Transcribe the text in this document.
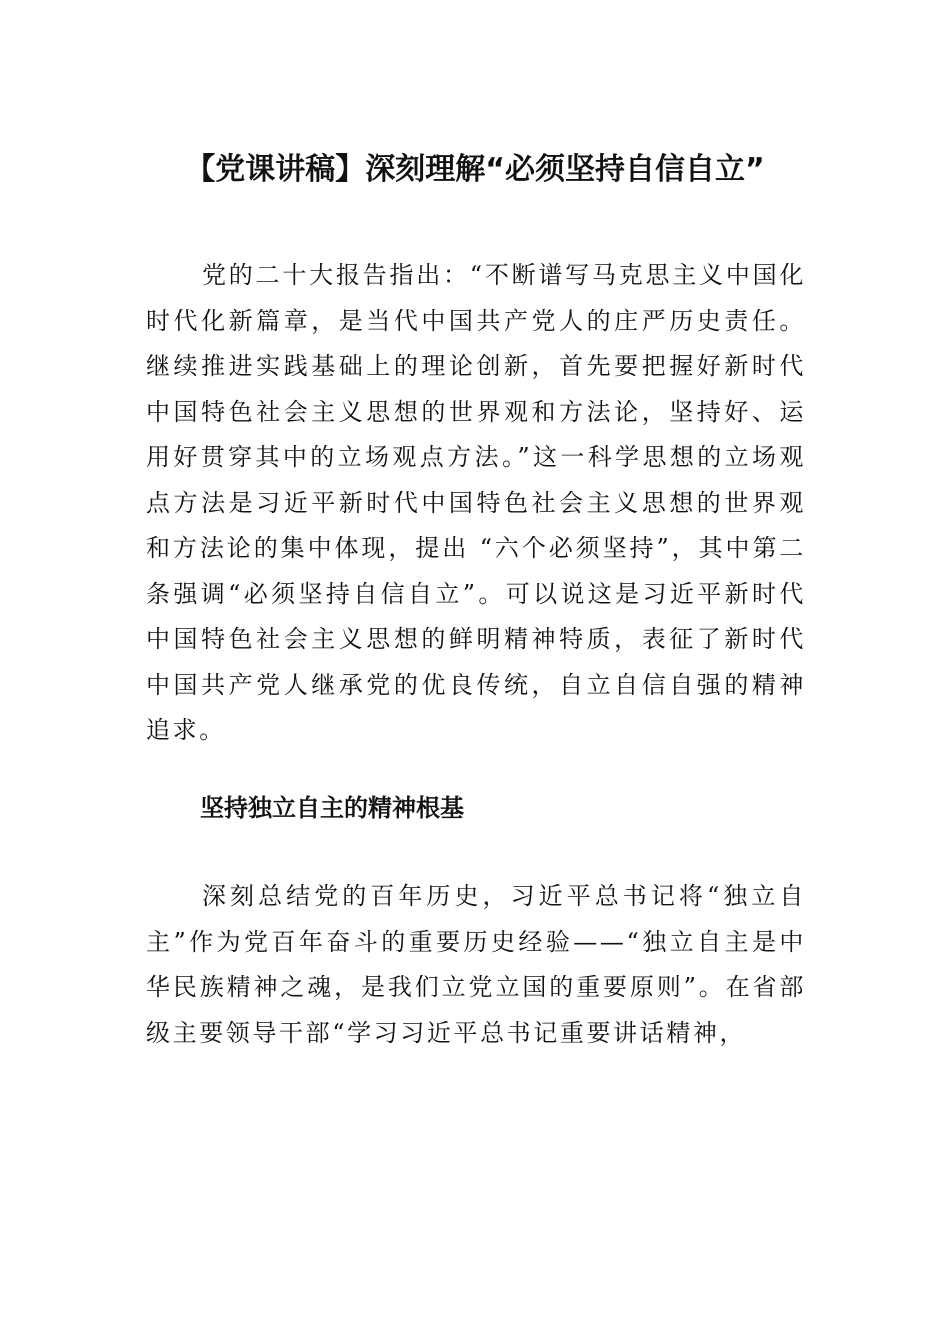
【党课讲稿】深刻理解“必须坚持自信自立”

党的二十大报告指出：“不断谱写马克思主义中国化时代化新篇章，是当代中国共产党人的庄严历史责任。继续推进实践基础上的理论创新，首先要把握好新时代中国特色社会主义思想的世界观和方法论，坚持好、运用好贯穿其中的立场观点方法。”这一科学思想的立场观点方法是习近平新时代中国特色社会主义思想的世界观和方法论的集中体现，提出 “六个必须坚持”，其中第二条强调“必须坚持自信自立”。可以说这是习近平新时代中国特色社会主义思想的鲜明精神特质，表征了新时代中国共产党人继承党的优良传统，自立自信自强的精神追求。

坚持独立自主的精神根基

深刻总结党的百年历史，习近平总书记将“独立自主”作为党百年奋斗的重要历史经验——“独立自主是中华民族精神之魂，是我们立党立国的重要原则”。在省部级主要领导干部“学习习近平总书记重要讲话精神，
